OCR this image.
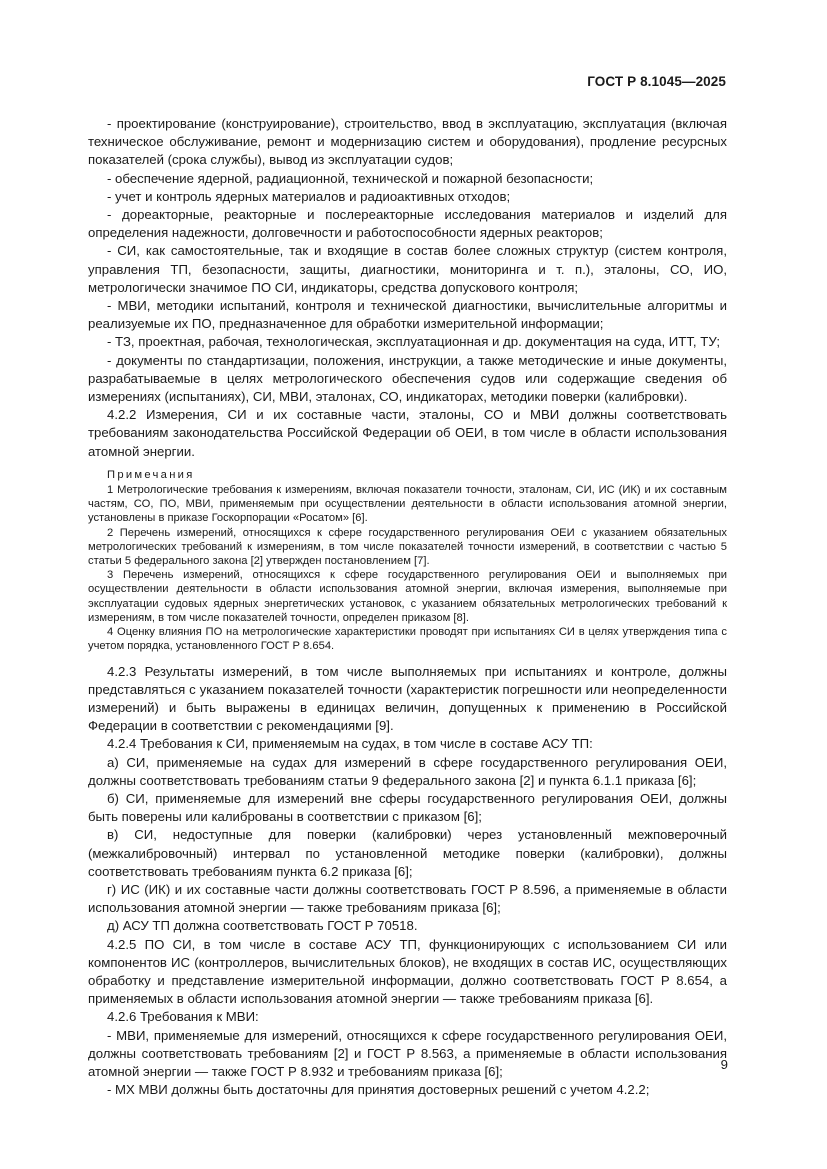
ГОСТ Р 8.1045—2025

- проектирование (конструирование), строительство, ввод в эксплуатацию, эксплуатация (включая техническое обслуживание, ремонт и модернизацию систем и оборудования), продление ресурсных показателей (срока службы), вывод из эксплуатации судов;

- обеспечение ядерной, радиационной, технической и пожарной безопасности;

- учет и контроль ядерных материалов и радиоактивных отходов;

- дореакторные, реакторные и послереакторные исследования материалов и изделий для определения надежности, долговечности и работоспособности ядерных реакторов;

- СИ, как самостоятельные, так и входящие в состав более сложных структур (систем контроля, управления ТП, безопасности, защиты, диагностики, мониторинга и т. п.), эталоны, СО, ИО, метрологически значимое ПО СИ, индикаторы, средства допускового контроля;

- МВИ, методики испытаний, контроля и технической диагностики, вычислительные алгоритмы и реализуемые их ПО, предназначенное для обработки измерительной информации;

- ТЗ, проектная, рабочая, технологическая, эксплуатационная и др. документация на суда, ИТТ, ТУ;

- документы по стандартизации, положения, инструкции, а также методические и иные документы, разрабатываемые в целях метрологического обеспечения судов или содержащие сведения об измерениях (испытаниях), СИ, МВИ, эталонах, СО, индикаторах, методики поверки (калибровки).

4.2.2 Измерения, СИ и их составные части, эталоны, СО и МВИ должны соответствовать требованиям законодательства Российской Федерации об ОЕИ, в том числе в области использования атомной энергии.

Примечания

1 Метрологические требования к измерениям, включая показатели точности, эталонам, СИ, ИС (ИК) и их составным частям, СО, ПО, МВИ, применяемым при осуществлении деятельности в области использования атомной энергии, установлены в приказе Госкорпорации «Росатом» [6].

2 Перечень измерений, относящихся к сфере государственного регулирования ОЕИ с указанием обязательных метрологических требований к измерениям, в том числе показателей точности измерений, в соответствии с частью 5 статьи 5 федерального закона [2] утвержден постановлением [7].

3 Перечень измерений, относящихся к сфере государственного регулирования ОЕИ и выполняемых при осуществлении деятельности в области использования атомной энергии, включая измерения, выполняемые при эксплуатации судовых ядерных энергетических установок, с указанием обязательных метрологических требований к измерениям, в том числе показателей точности, определен приказом [8].

4 Оценку влияния ПО на метрологические характеристики проводят при испытаниях СИ в целях утверждения типа с учетом порядка, установленного ГОСТ Р 8.654.

4.2.3 Результаты измерений, в том числе выполняемых при испытаниях и контроле, должны представляться с указанием показателей точности (характеристик погрешности или неопределенности измерений) и быть выражены в единицах величин, допущенных к применению в Российской Федерации в соответствии с рекомендациями [9].

4.2.4 Требования к СИ, применяемым на судах, в том числе в составе АСУ ТП:

а) СИ, применяемые на судах для измерений в сфере государственного регулирования ОЕИ, должны соответствовать требованиям статьи 9 федерального закона [2] и пункта 6.1.1 приказа [6];

б) СИ, применяемые для измерений вне сферы государственного регулирования ОЕИ, должны быть поверены или калиброваны в соответствии с приказом [6];

в) СИ, недоступные для поверки (калибровки) через установленный межповерочный (межкалибровочный) интервал по установленной методике поверки (калибровки), должны соответствовать требованиям пункта 6.2 приказа [6];

г) ИС (ИК) и их составные части должны соответствовать ГОСТ Р 8.596, а применяемые в области использования атомной энергии — также требованиям приказа [6];

д) АСУ ТП должна соответствовать ГОСТ Р 70518.

4.2.5 ПО СИ, в том числе в составе АСУ ТП, функционирующих с использованием СИ или компонентов ИС (контроллеров, вычислительных блоков), не входящих в состав ИС, осуществляющих обработку и представление измерительной информации, должно соответствовать ГОСТ Р 8.654, а применяемых в области использования атомной энергии — также требованиям приказа [6].

4.2.6 Требования к МВИ:

- МВИ, применяемые для измерений, относящихся к сфере государственного регулирования ОЕИ, должны соответствовать требованиям [2] и ГОСТ Р 8.563, а применяемые в области использования атомной энергии — также ГОСТ Р 8.932 и требованиям приказа [6];

- МХ МВИ должны быть достаточны для принятия достоверных решений с учетом 4.2.2;

9
